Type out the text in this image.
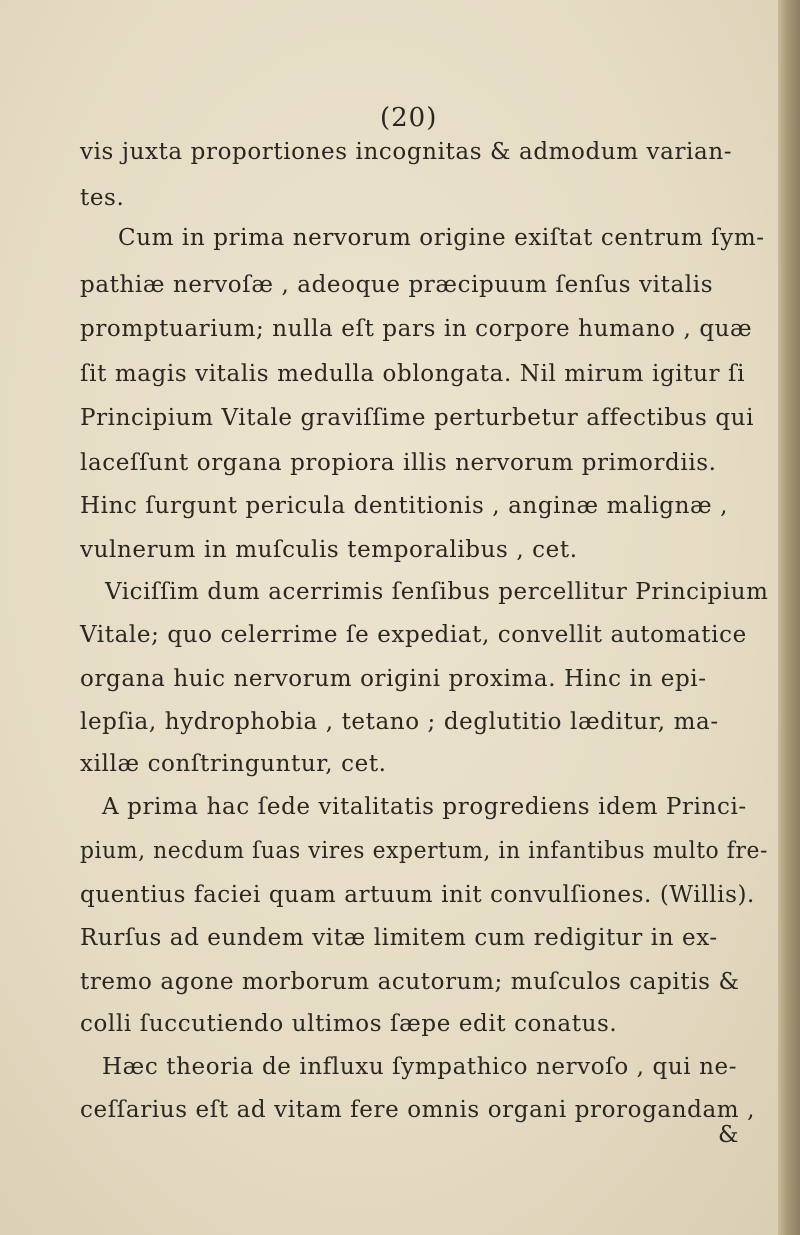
(20)
vis juxta proportiones incognitas & admodum varian-
tes.
Cum in prima nervorum origine exiſtat centrum ſym-
pathiæ nervoſæ , adeoque præcipuum ſenſus vitalis
promptuarium; nulla eſt pars in corpore humano , quæ
ſit magis vitalis medulla oblongata. Nil mirum igitur ſi
Principium Vitale graviſſime perturbetur affectibus qui
laceſſunt organa propiora illis nervorum primordiis.
Hinc ſurgunt pericula dentitionis , anginæ malignæ ,
vulnerum in muſculis temporalibus , cet.
Viciſſim dum acerrimis ſenſibus percellitur Principium
Vitale; quo celerrime ſe expediat, convellit automatice
organa huic nervorum origini proxima. Hinc in epi-
lepſia, hydrophobia , tetano ; deglutitio læditur, ma-
xillæ conſtringuntur, cet.
A prima hac ſede vitalitatis progrediens idem Princi-
pium, necdum ſuas vires expertum, in infantibus multo fre-
quentius faciei quam artuum init convulſiones. (Willis).
Rurſus ad eundem vitæ limitem cum redigitur in ex-
tremo agone morborum acutorum; muſculos capitis &
colli ſuccutiendo ultimos ſæpe edit conatus.
Hæc theoria de influxu ſympathico nervoſo , qui ne-
ceſſarius eſt ad vitam fere omnis organi prorogandam ,
&
